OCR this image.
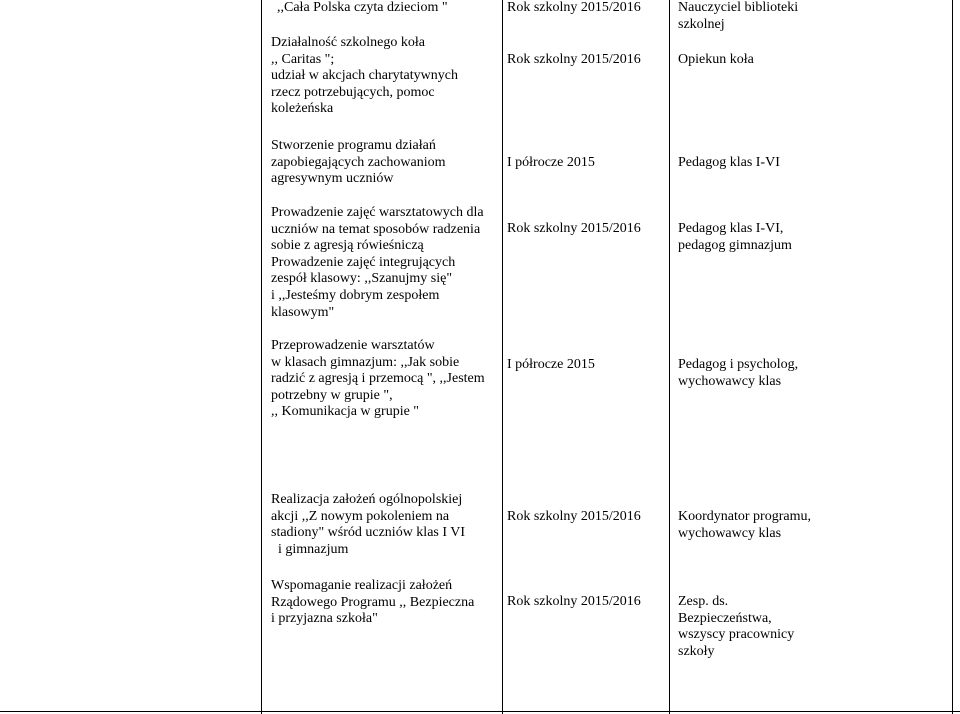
,,Cała Polska czyta dzieciom "	Rok szkolny 2015/2016	Nauczyciel biblioteki szkolnej
Działalność szkolnego koła
,, Caritas ";
udział w akcjach charytatywnych
rzecz potrzebujących, pomoc
koleżeńska
Rok szkolny 2015/2016	Opiekun koła
Stworzenie programu działań
zapobiegających zachowaniom
agresywnym uczniów
I półrocze 2015	Pedagog klas I-VI
Prowadzenie zajęć warsztatowych dla
uczniów na temat sposobów radzenia
sobie z agresją rówieśniczą
Prowadzenie zajęć integrujących
zespół klasowy: ,,Szanujmy się"
i ,,Jesteśmy dobrym zespołem
klasowym"
Rok szkolny 2015/2016	Pedagog klas I-VI,
pedagog gimnazjum
Przeprowadzenie warsztatów
w klasach gimnazjum: ,,Jak sobie
radzić z agresją i przemocą ", ,,Jestem
potrzebny w grupie ",
,, Komunikacja w grupie "
I półrocze 2015	Pedagog i psycholog,
wychowawcy klas
Realizacja założeń ogólnopolskiej
akcji ,,Z nowym pokoleniem na
stadiony" wśród uczniów klas I VI
i gimnazjum
Rok szkolny 2015/2016	Koordynator programu,
wychowawcy klas
Wspomaganie realizacji założeń
Rządowego Programu ,, Bezpieczna
i przyjazna szkoła"
Rok szkolny 2015/2016	Zesp. ds.
Bezpieczeństwa,
wszyscy pracownicy
szkoły
